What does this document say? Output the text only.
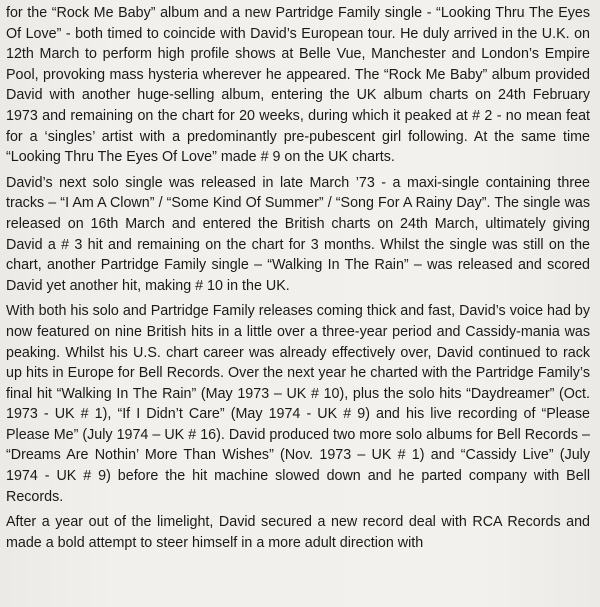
for the “Rock Me Baby” album and a new Partridge Family single - “Looking Thru The Eyes Of Love” - both timed to coincide with David’s European tour. He duly arrived in the U.K. on 12th March to perform high profile shows at Belle Vue, Manchester and London’s Empire Pool, provoking mass hysteria wherever he appeared. The “Rock Me Baby” album provided David with another huge-selling album, entering the UK album charts on 24th February 1973 and remaining on the chart for 20 weeks, during which it peaked at # 2 - no mean feat for a ‘singles’ artist with a predominantly pre-pubescent girl following. At the same time “Looking Thru The Eyes Of Love” made # 9 on the UK charts.

David’s next solo single was released in late March ’73 - a maxi-single containing three tracks – “I Am A Clown” / “Some Kind Of Summer” / “Song For A Rainy Day”. The single was released on 16th March and entered the British charts on 24th March, ultimately giving David a # 3 hit and remaining on the chart for 3 months. Whilst the single was still on the chart, another Partridge Family single – “Walking In The Rain” – was released and scored David yet another hit, making # 10 in the UK.

With both his solo and Partridge Family releases coming thick and fast, David’s voice had by now featured on nine British hits in a little over a three-year period and Cassidy-mania was peaking. Whilst his U.S. chart career was already effectively over, David continued to rack up hits in Europe for Bell Records. Over the next year he charted with the Partridge Family’s final hit “Walking In The Rain” (May 1973 – UK # 10), plus the solo hits “Daydreamer” (Oct. 1973 - UK # 1), “If I Didn’t Care” (May 1974 - UK # 9) and his live recording of “Please Please Me” (July 1974 – UK # 16). David produced two more solo albums for Bell Records – “Dreams Are Nothin’ More Than Wishes” (Nov. 1973 – UK # 1) and “Cassidy Live” (July 1974 - UK # 9) before the hit machine slowed down and he parted company with Bell Records.

After a year out of the limelight, David secured a new record deal with RCA Records and made a bold attempt to steer himself in a more adult direction with
